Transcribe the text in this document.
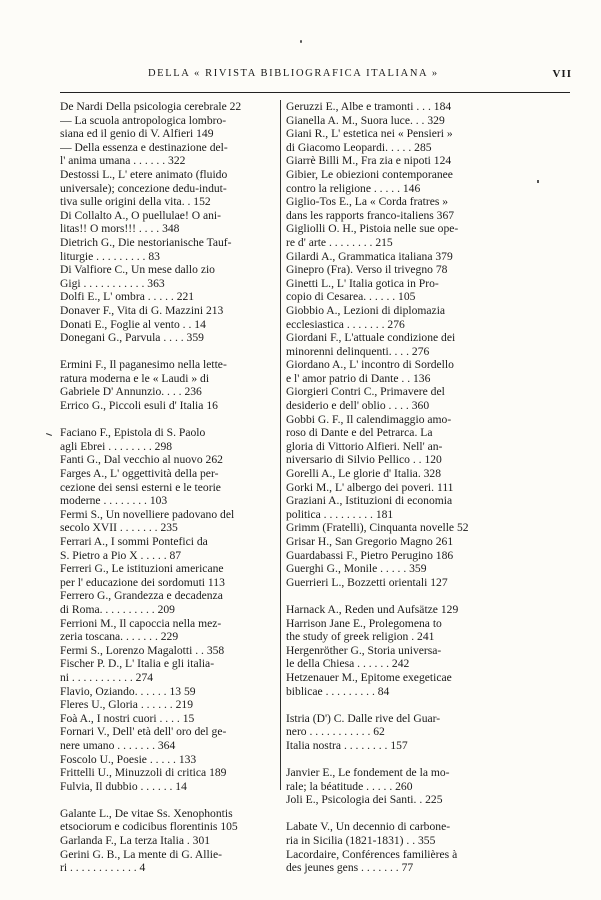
DELLA « RIVISTA BIBLIOGRAFICA ITALIANA »	VII
De Nardi Della psicologia cerebrale 22
— La scuola antropologica lombro-
siana ed il genio di V. Alfieri 149
— Della essenza e destinazione del-
l' anima umana . . . . . . 322
Destossi L., L' etere animato (fluido
universale); concezione dedu-indut-
tiva sulle origini della vita. . 152
Di Collalto A., O puellulae! O ani-
litas!! O mors!!! . . . . 348
Dietrich G., Die nestorianische Tauf-
liturgie . . . . . . . . . 83
Di Valfiore C., Un mese dallo zio
Gigi . . . . . . . . . . . 363
Dolfi E., L' ombra . . . . . 221
Donaver F., Vita di G. Mazzini 213
Donati E., Foglie al vento . . 14
Donegani G., Parvula . . . . 359
Ermini F., Il paganesimo nella lette-
ratura moderna e le « Laudi » di
Gabriele D' Annunzio. . . . 236
Errico G., Piccoli esuli d' Italia 16
Faciano F., Epistola di S. Paolo
agli Ebrei . . . . . . . . 298
Fanti G., Dal vecchio al nuovo 262
Farges A., L' oggettività della per-
cezione dei sensi esterni e le teorie
moderne . . . . . . . . 103
Fermi S., Un novelliere padovano del
secolo XVII . . . . . . . 235
Ferrari A., I sommi Pontefici da
S. Pietro a Pio X . . . . . 87
Ferreri G., Le istituzioni americane
per l' educazione dei sordomuti 113
Ferrero G., Grandezza e decadenza
di Roma. . . . . . . . . . 209
Ferrioni M., Il capoccia nella mez-
zeria toscana. . . . . . . 229
Fermi S., Lorenzo Magalotti . . 358
Fischer P. D., L' Italia e gli italia-
ni . . . . . . . . . . . 274
Flavio, Oziando. . . . . . 13 59
Fleres U., Gloria . . . . . . 219
Foà A., I nostri cuori . . . . 15
Fornari V., Dell' età dell' oro del ge-
nere umano . . . . . . . 364
Foscolo U., Poesie . . . . . 133
Frittelli U., Minuzzoli di critica 189
Fulvia, Il dubbio . . . . . . 14
Galante L., De vitae Ss. Xenophontis
etsociorum e codicibus florentinis 105
Garlanda F., La terza Italia . 301
Gerini G. B., La mente di G. Allie-
ri . . . . . . . . . . . . 4
Geruzzi E., Albe e tramonti . . . 184
Gianella A. M., Suora luce. . . 329
Giani R., L' estetica nei « Pensieri »
di Giacomo Leopardi. . . . . 285
Giarrè Billi M., Fra zia e nipoti 124
Gibier, Le obiezioni contemporanee
contro la religione . . . . . 146
Giglio-Tos E., La « Corda fratres »
dans les rapports franco-italiens 367
Gigliolli O. H., Pistoia nelle sue ope-
re d' arte . . . . . . . . 215
Gilardi A., Grammatica italiana 379
Ginepro (Fra). Verso il trivegno 78
Ginetti L., L' Italia gotica in Pro-
copio di Cesarea. . . . . . 105
Giobbio A., Lezioni di diplomazia
ecclesiastica . . . . . . . 276
Giordani F., L'attuale condizione dei
minorenni delinquenti. . . . 276
Giordano A., L' incontro di Sordello
e l' amor patrio di Dante . . 136
Giorgieri Contri C., Primavere del
desiderio e dell' oblio . . . . 360
Gobbi G. F., Il calendimaggio amo-
roso di Dante e del Petrarca. La
gloria di Vittorio Alfieri. Nell' an-
niversario di Silvio Pellico . . 120
Gorelli A., Le glorie d' Italia. 328
Gorki M., L' albergo dei poveri. 111
Graziani A., Istituzioni di economia
politica . . . . . . . . . 181
Grimm (Fratelli), Cinquanta novelle 52
Grisar H., San Gregorio Magno 261
Guardabassi F., Pietro Perugino 186
Guerghi G., Monile . . . . . 359
Guerrieri L., Bozzetti orientali 127
Harnack A., Reden und Aufsätze 129
Harrison Jane E., Prolegomena to
the study of greek religion . 241
Hergenröther G., Storia universa-
le della Chiesa . . . . . . 242
Hetzenauer M., Epitome exegeticae
biblicae . . . . . . . . . 84
Istria (D') C. Dalle rive del Guar-
nero . . . . . . . . . . . 62
Italia nostra . . . . . . . . 157
Janvier E., Le fondement de la mo-
rale; la béatitude . . . . . 260
Joli E., Psicologia dei Santi. . 225
Labate V., Un decennio di carbone-
ria in Sicilia (1821-1831) . . 355
Lacordaire, Conférences familières à
des jeunes gens . . . . . . . 77
